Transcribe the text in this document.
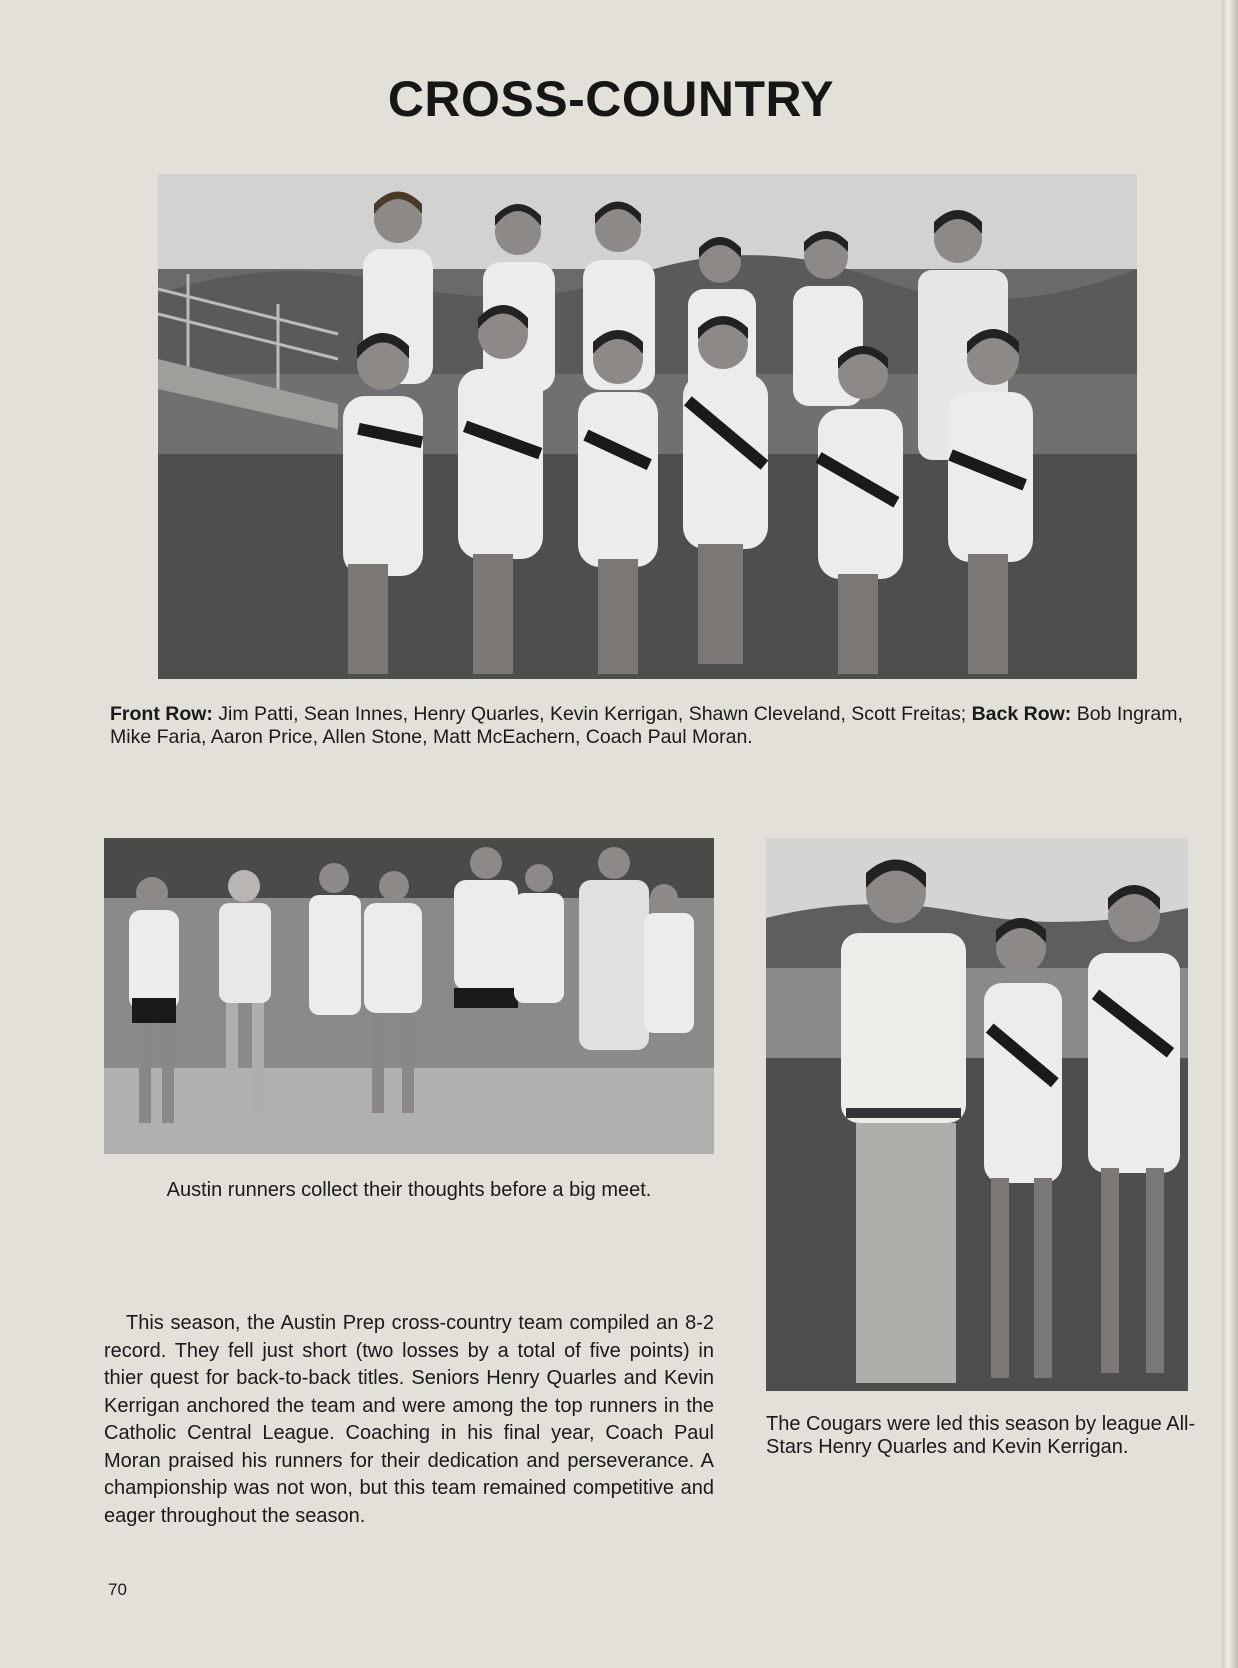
CROSS-COUNTRY
Front Row: Jim Patti, Sean Innes, Henry Quarles, Kevin Kerrigan, Shawn Cleveland, Scott Freitas; Back Row: Bob Ingram, Mike Faria, Aaron Price, Allen Stone, Matt McEachern, Coach Paul Moran.
Austin runners collect their thoughts before a big meet.
The Cougars were led this season by league All-Stars Henry Quarles and Kevin Kerrigan.
This season, the Austin Prep cross-country team compiled an 8-2 record. They fell just short (two losses by a total of five points) in thier quest for back-to-back titles. Seniors Henry Quarles and Kevin Kerrigan anchored the team and were among the top runners in the Catholic Central League. Coaching in his final year, Coach Paul Moran praised his runners for their dedication and perseverance. A championship was not won, but this team remained competitive and eager throughout the season.
70
